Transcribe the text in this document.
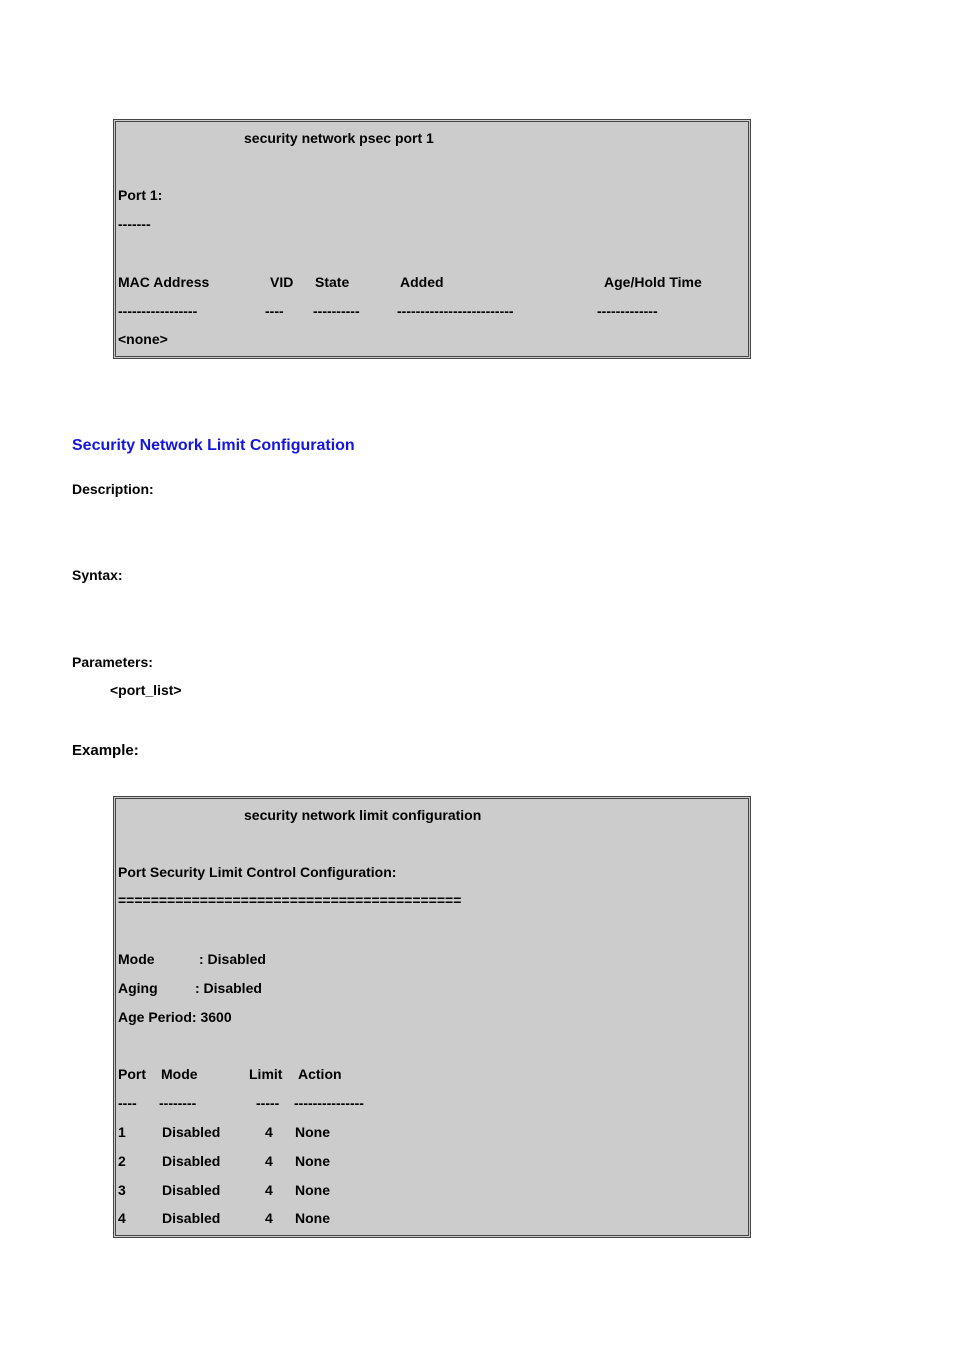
security network psec port 1
Port 1:
-------
MAC Address	VID State	Added	Age/Hold Time
-----------------	---- ----------	-------------------------	-------------
<none>
Security Network Limit Configuration
Description:
Syntax:
Parameters:
<port_list>
Example:
security network limit configuration
Port Security Limit Control Configuration:
==========================================
Mode	: Disabled
Aging	: Disabled
Age Period: 3600
Port Mode	Limit Action
---- --------	----- ---------------
1	Disabled	4 None
2	Disabled	4 None
3	Disabled	4 None
4	Disabled	4 None
